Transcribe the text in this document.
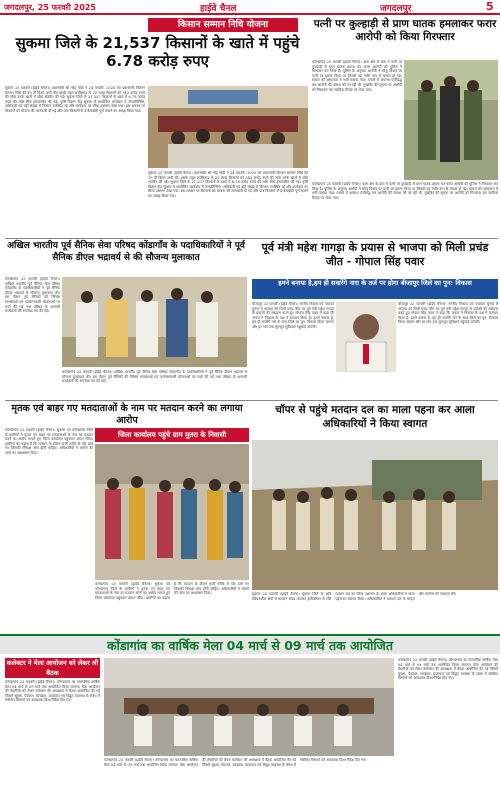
जगदलपुर, 25 फरवरी 2025	हाईवे चैनल	जगदलपुर	5
किसान सम्मान निधि योजना
सुकमा जिले के 21,537 किसानों के खाते में पहुंचे 6.78 करोड़ रुपए
सुकमा 25 फरवरी (हाईवे चैनल)। प्रधानमंत्री श्री नरेंद्र मोदी ने 24 फरवरी, 2025 को प्रधानमंत्री किसान सम्मान निधि की 19 वीं किस्त जारी की। इसके तहत छत्तीसगढ़ के 25 लाख किसानों को 543 करोड़ रुपये की राशि उनके खातों में सीधे अंतरित की गई। सुकमा जिले के 21,537 किसानों के खाते में 6.78 करोड़ रुपये की राशि सीधे हस्तांतरित की गई। कृषि विज्ञान केंद्र सुकमा में आयोजित कार्यक्रम में जनप्रतिनिधि, अधिकारी एवं बड़ी संख्या में किसान उपस्थित रहे और कार्यक्रम का सीधा प्रसारण देखा गया। इस अवसर पर किसानों को योजना की जानकारी दी गई और पात्र किसानों से ई-केवाईसी पूर्ण कराने का आग्रह किया गया।
सुकमा 25 फरवरी (हाईवे चैनल)। प्रधानमंत्री श्री नरेंद्र मोदी ने 24 फरवरी, 2025 को प्रधानमंत्री किसान सम्मान निधि की 19 वीं किस्त जारी की। इसके तहत छत्तीसगढ़ के 25 लाख किसानों को 543 करोड़ रुपये की राशि उनके खातों में सीधे अंतरित की गई। सुकमा जिले के 21,537 किसानों के खाते में 6.78 करोड़ रुपये की राशि सीधे हस्तांतरित की गई। कृषि विज्ञान केंद्र सुकमा में आयोजित कार्यक्रम में जनप्रतिनिधि, अधिकारी एवं बड़ी संख्या में किसान उपस्थित रहे और कार्यक्रम का सीधा प्रसारण देखा गया। इस अवसर पर किसानों को योजना की जानकारी दी गई और पात्र किसानों से ई-केवाईसी पूर्ण कराने का आग्रह किया गया।
पत्नी पर कुल्हाड़ी से प्राण घातक हमलाकर फरार आरोपी को किया गिरफ्तार
कोण्डागांव 25 फरवरी (हाईवे चैनल)। थाना क्षेत्र के ग्राम में पत्नी पर कुल्हाड़ी से प्राण घातक हमला कर फरार आरोपी को पुलिस ने गिरफ्तार कर लिया है। पुलिस के अनुसार आरोपी ने घरेलू विवाद पर पत्नी पर हमला किया था जिससे वह गंभीर रूप से घायल हो गई। घायल को अस्पताल में भर्ती कराया गया। मामले में अपराध पंजीबद्ध कर आरोपी की तलाश की जा रही थी, मुखबिर की सूचना पर आरोपी को गिरफ्तार कर न्यायिक रिमांड पर भेजा गया।
कोण्डागांव 25 फरवरी (हाईवे चैनल)। थाना क्षेत्र के ग्राम में पत्नी पर कुल्हाड़ी से प्राण घातक हमला कर फरार आरोपी को पुलिस ने गिरफ्तार कर लिया है। पुलिस के अनुसार आरोपी ने घरेलू विवाद पर पत्नी पर हमला किया था जिससे वह गंभीर रूप से घायल हो गई। घायल को अस्पताल में भर्ती कराया गया। मामले में अपराध पंजीबद्ध कर आरोपी की तलाश की जा रही थी, मुखबिर की सूचना पर आरोपी को गिरफ्तार कर न्यायिक रिमांड पर भेजा गया।
अखिल भारतीय पूर्व सैनिक सेवा परिषद कोंडागाँव के पदाधिकारियों ने पूर्व सैनिक डीएल भद्रावर्य से की सौजन्य मुलाकात
कोण्डागांव 25 फरवरी (हाईवे चैनल)। अखिल भारतीय पूर्व सैनिक सेवा परिषद कोंडागाँव के पदाधिकारियों ने पूर्व सैनिक डीएल भद्रावर्य से सौजन्य मुलाकात की। इस दौरान पूर्व सैनिकों की विभिन्न समस्याओं एवं कल्याणकारी योजनाओं पर चर्चा की गई तथा परिषद के आगामी कार्यक्रमों की रूपरेखा तय की गई।
कोण्डागांव 25 फरवरी (हाईवे चैनल)। अखिल भारतीय पूर्व सैनिक सेवा परिषद कोंडागाँव के पदाधिकारियों ने पूर्व सैनिक डीएल भद्रावर्य से सौजन्य मुलाकात की। इस दौरान पूर्व सैनिकों की विभिन्न समस्याओं एवं कल्याणकारी योजनाओं पर चर्चा की गई तथा परिषद के आगामी कार्यक्रमों की रूपरेखा तय की गई।
पूर्व मंत्री महेश गागड़ा के प्रयास से भाजपा को मिली प्रचंड जीत - गोपाल सिंह पवार
हमने बनाया है,हम ही सवारेंगे नारा के तर्ज पर होगा बीजापुर जिले का पुन: विकास
बीजापुर 25 फरवरी (हाईवे चैनल)। नगरीय निकाय एवं पंचायत चुनाव में भाजपा को मिली प्रचंड जीत पर पूर्व मंत्री महेश गागड़ा के प्रयासों की सराहना करते हुए गोपाल सिंह पवार ने कहा कि जनता ने विकास के पक्ष में मतदान किया है। हमने बनाया है, हम ही सवारेंगे नारे के साथ जिले का पुन: विकास किया जाएगा और हर गांव तक मूलभूत सुविधाएं पहुंचाई जाएंगी।
बीजापुर 25 फरवरी (हाईवे चैनल)। नगरीय निकाय एवं पंचायत चुनाव में भाजपा को मिली प्रचंड जीत पर पूर्व मंत्री महेश गागड़ा के प्रयासों की सराहना करते हुए गोपाल सिंह पवार ने कहा कि जनता ने विकास के पक्ष में मतदान किया है। हमने बनाया है, हम ही सवारेंगे नारे के साथ जिले का पुन: विकास किया जाएगा और हर गांव तक मूलभूत सुविधाएं पहुंचाई जाएंगी।
चॉपर से पहुंचे मतदान दल का माला पहना कर आला अधिकारियों ने किया स्वागत
सुकमा 25 फरवरी (हाईवे चैनल)। सुकमा जिले के अति संवेदनशील क्षेत्रों में मतदान संपन्न कराकर हेलीकॉप्टर से लौटे मतदान दल का जिला प्रशासन के आला अधिकारियों ने माला पहनाकर स्वागत किया। अधिकारियों ने मतदान दल के साहस और समर्पण की सराहना की।
मृतक एवं बाहर गए मतदाताओं के नाम पर मतदान करने का लगाया आरोप
जिला कार्यालय पहुंचे ग्राम मुतरा के निवासी
कोण्डागांव 25 फरवरी (हाईवे चैनल)। सुकमा एवं कोण्डागांव जिले के ग्रामीणों ने मृतक एवं बाहर गए मतदाताओं के नाम पर मतदान करने का आरोप लगाते हुए जिला कार्यालय पहुंचकर ज्ञापन सौंपा। ग्रामीणों का कहना है कि मतदान के दौरान फर्जी तरीके से वोट डाले गए जिसकी निष्पक्ष जांच होनी चाहिए। अधिकारियों ने मामले की जांच का आश्वासन दिया।
कोण्डागांव 25 फरवरी (हाईवे चैनल)। सुकमा एवं कोण्डागांव जिले के ग्रामीणों ने मृतक एवं बाहर गए मतदाताओं के नाम पर मतदान करने का आरोप लगाते हुए जिला कार्यालय पहुंचकर ज्ञापन सौंपा। ग्रामीणों का कहना है कि मतदान के दौरान फर्जी तरीके से वोट डाले गए जिसकी निष्पक्ष जांच होनी चाहिए। अधिकारियों ने मामले की जांच का आश्वासन दिया।
कोंडागांव का वार्षिक मेला 04 मार्च से 09 मार्च तक आयोजित
कलेक्टर ने मेला आयोजन को लेकर ली बैठक
कोण्डागांव 25 फरवरी (हाईवे चैनल)। कोण्डागांव का पारम्परिक वार्षिक मेला 04 मार्च से 09 मार्च तक आयोजित किया जाएगा। मेला आयोजन की तैयारियों को लेकर कलेक्टर की अध्यक्षता में बैठक आयोजित की गई जिसमें सुरक्षा, पेयजल, स्वच्छता, यातायात एवं विद्युत व्यवस्था के संबंध में संबंधित विभागों को आवश्यक दिशा-निर्देश दिए गए।
कोण्डागांव 25 फरवरी (हाईवे चैनल)। कोण्डागांव का पारम्परिक वार्षिक मेला 04 मार्च से 09 मार्च तक आयोजित किया जाएगा। मेला आयोजन की तैयारियों को लेकर कलेक्टर की अध्यक्षता में बैठक आयोजित की गई जिसमें सुरक्षा, पेयजल, स्वच्छता, यातायात एवं विद्युत व्यवस्था के संबंध में संबंधित विभागों को आवश्यक दिशा-निर्देश दिए गए।
कोण्डागांव 25 फरवरी (हाईवे चैनल)। कोण्डागांव का पारम्परिक वार्षिक मेला 04 मार्च से 09 मार्च तक आयोजित किया जाएगा। मेला आयोजन की तैयारियों को लेकर कलेक्टर की अध्यक्षता में बैठक आयोजित की गई जिसमें सुरक्षा, पेयजल, स्वच्छता, यातायात एवं विद्युत व्यवस्था के संबंध में संबंधित विभागों को आवश्यक दिशा-निर्देश दिए गए।
